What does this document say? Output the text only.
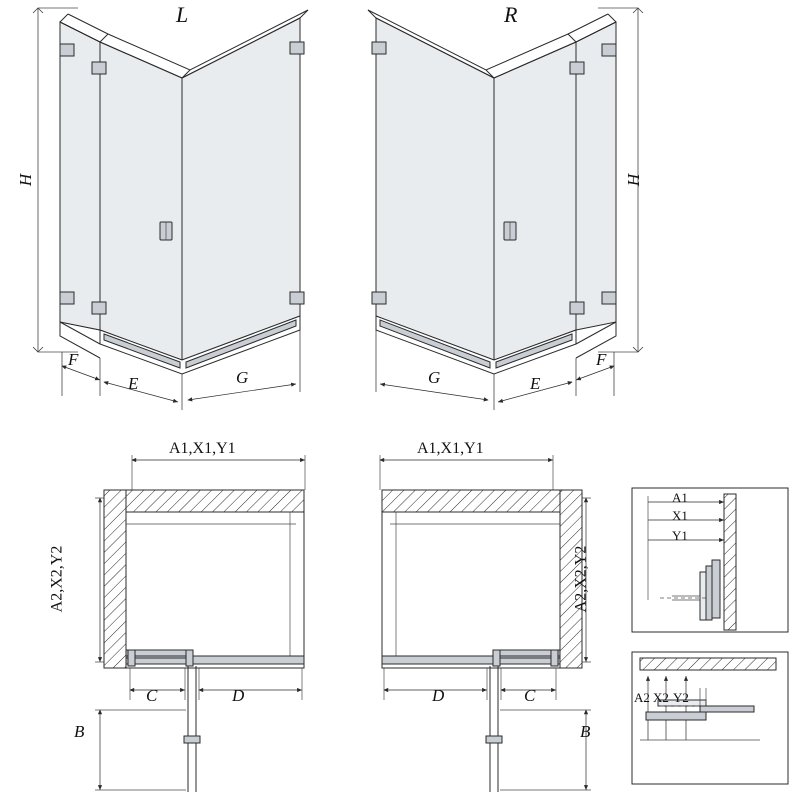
L	R
H
F
E	G
H
F
E
G
A1,X1,Y1
A2,X2,Y2
C	D
B
A1,X1,Y1
A2,X2,Y2
D	C
B
A1
X1
Y1
A2 X2 Y2
